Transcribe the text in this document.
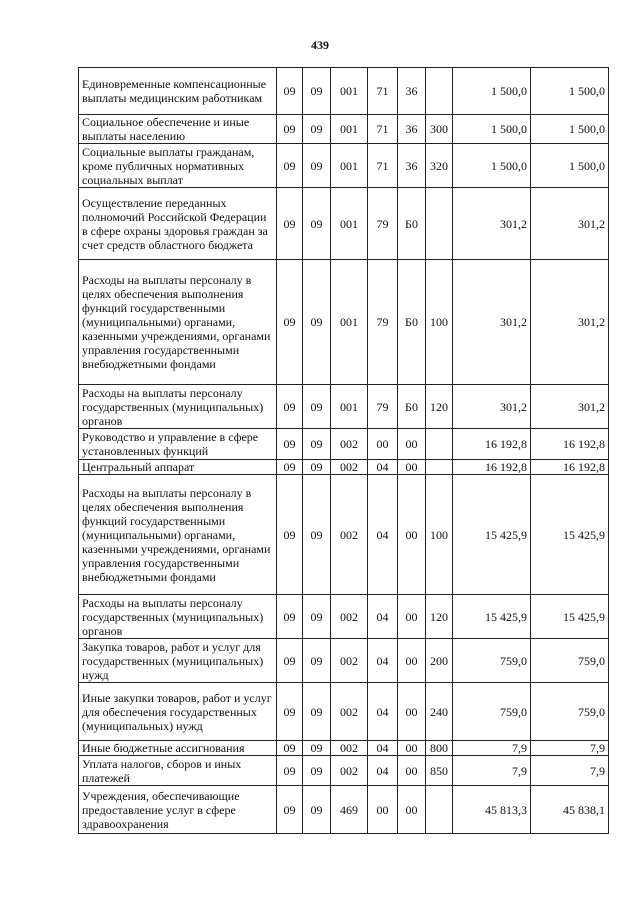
439
Единовременные компенсационные выплаты медицинским работникам	09	09	001	71	36		1 500,0	1 500,0
Социальное обеспечение и иные выплаты населению	09	09	001	71	36	300	1 500,0	1 500,0
Социальные выплаты гражданам, кроме публичных нормативных социальных выплат	09	09	001	71	36	320	1 500,0	1 500,0
Осуществление переданных полномочий Российской Федерации в сфере охраны здоровья граждан за счет средств областного бюджета	09	09	001	79	Б0		301,2	301,2
Расходы на выплаты персоналу в целях обеспечения выполнения функций государственными (муниципальными) органами, казенными учреждениями, органами управления государственными внебюджетными фондами	09	09	001	79	Б0	100	301,2	301,2
Расходы на выплаты персоналу государственных (муниципальных) органов	09	09	001	79	Б0	120	301,2	301,2
Руководство и управление в сфере установленных функций	09	09	002	00	00		16 192,8	16 192,8
Центральный аппарат	09	09	002	04	00		16 192,8	16 192,8
Расходы на выплаты персоналу в целях обеспечения выполнения функций государственными (муниципальными) органами, казенными учреждениями, органами управления государственными внебюджетными фондами	09	09	002	04	00	100	15 425,9	15 425,9
Расходы на выплаты персоналу государственных (муниципальных) органов	09	09	002	04	00	120	15 425,9	15 425,9
Закупка товаров, работ и услуг для государственных (муниципальных) нужд	09	09	002	04	00	200	759,0	759,0
Иные закупки товаров, работ и услуг для обеспечения государственных (муниципальных) нужд	09	09	002	04	00	240	759,0	759,0
Иные бюджетные ассигнования	09	09	002	04	00	800	7,9	7,9
Уплата налогов, сборов и иных платежей	09	09	002	04	00	850	7,9	7,9
Учреждения, обеспечивающие предоставление услуг в сфере здравоохранения	09	09	469	00	00		45 813,3	45 838,1
